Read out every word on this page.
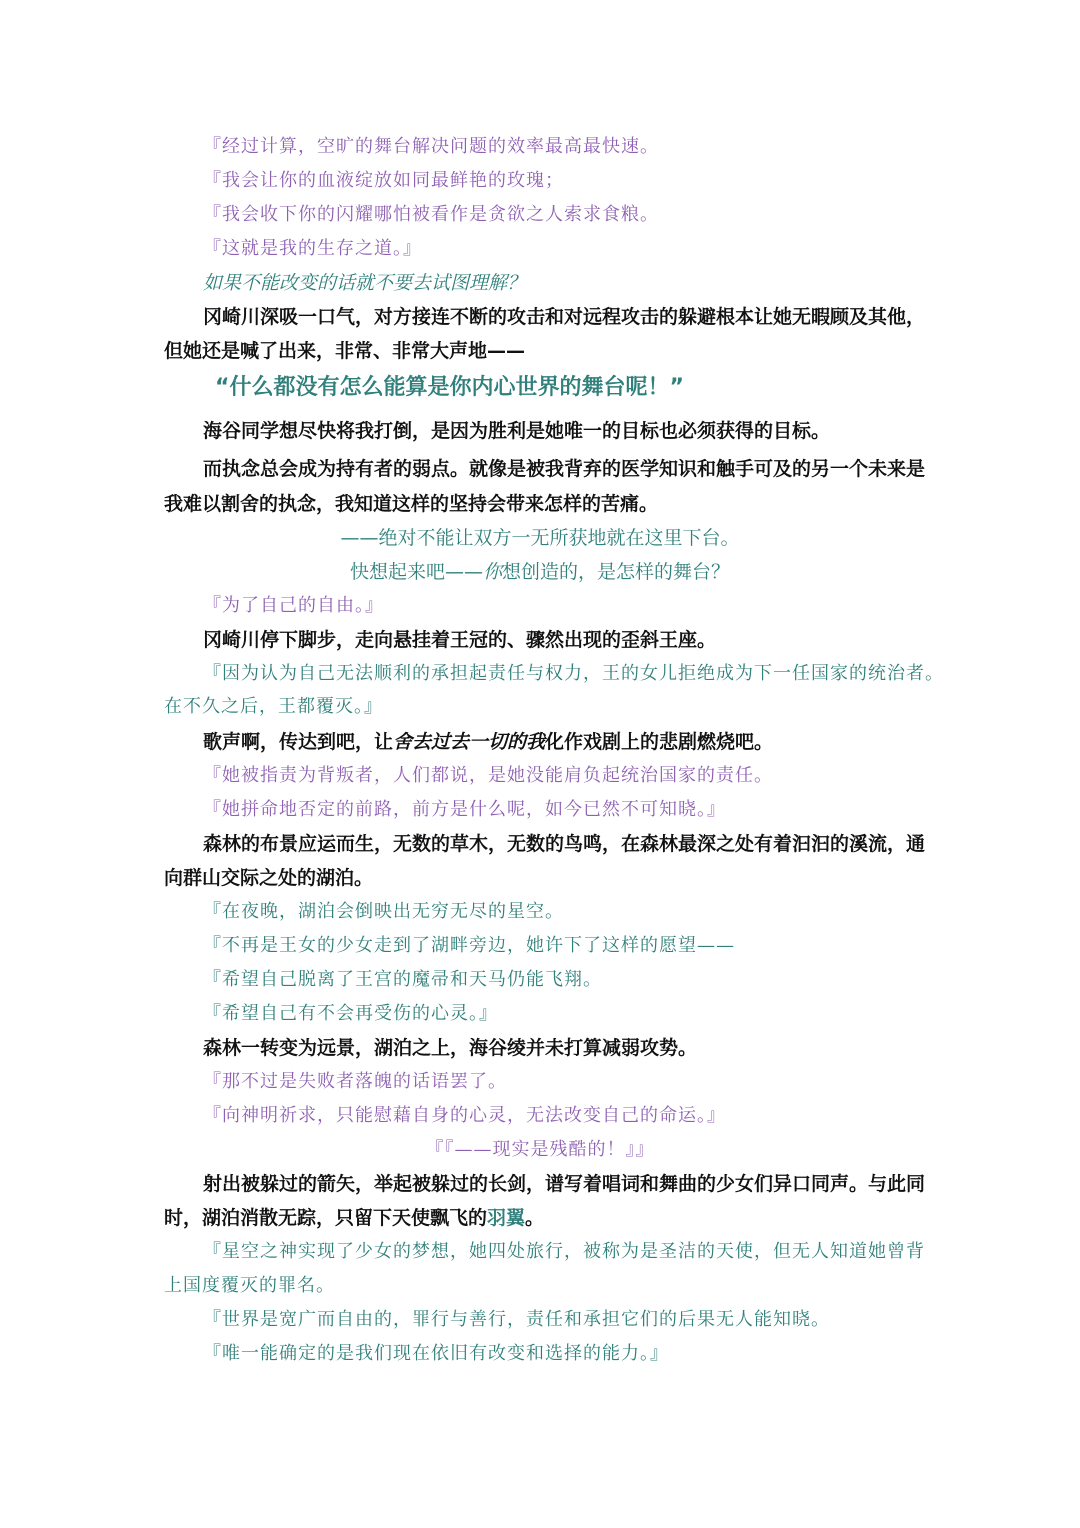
『经过计算，空旷的舞台解决问题的效率最高最快速。
『我会让你的血液绽放如同最鲜艳的玫瑰；
『我会收下你的闪耀哪怕被看作是贪欲之人索求食粮。
『这就是我的生存之道。』
如果不能改变的话就不要去试图理解？
冈崎川深吸一口气，对方接连不断的攻击和对远程攻击的躲避根本让她无暇顾及其他，
但她还是喊了出来，非常、非常大声地——
“什么都没有怎么能算是你内心世界的舞台呢！”
海谷同学想尽快将我打倒，是因为胜利是她唯一的目标也必须获得的目标。
而执念总会成为持有者的弱点。就像是被我背弃的医学知识和触手可及的另一个未来是
我难以割舍的执念，我知道这样的坚持会带来怎样的苦痛。
——绝对不能让双方一无所获地就在这里下台。
快想起来吧——你想创造的，是怎样的舞台？
『为了自己的自由。』
冈崎川停下脚步，走向悬挂着王冠的、骤然出现的歪斜王座。
『因为认为自己无法顺利的承担起责任与权力，王的女儿拒绝成为下一任国家的统治者。
在不久之后，王都覆灭。』
歌声啊，传达到吧，让舍去过去一切的我化作戏剧上的悲剧燃烧吧。
『她被指责为背叛者，人们都说，是她没能肩负起统治国家的责任。
『她拼命地否定的前路，前方是什么呢，如今已然不可知晓。』
森林的布景应运而生，无数的草木，无数的鸟鸣，在森林最深之处有着汩汩的溪流，通
向群山交际之处的湖泊。
『在夜晚，湖泊会倒映出无穷无尽的星空。
『不再是王女的少女走到了湖畔旁边，她许下了这样的愿望——
『希望自己脱离了王宫的魔帚和天马仍能飞翔。
『希望自己有不会再受伤的心灵。』
森林一转变为远景，湖泊之上，海谷绫并未打算减弱攻势。
『那不过是失败者落魄的话语罢了。
『向神明祈求，只能慰藉自身的心灵，无法改变自己的命运。』
『『——现实是残酷的！』』
射出被躲过的箭矢，举起被躲过的长剑，谱写着唱词和舞曲的少女们异口同声。与此同
时，湖泊消散无踪，只留下天使飘飞的羽翼。
『星空之神实现了少女的梦想，她四处旅行，被称为是圣洁的天使，但无人知道她曾背
上国度覆灭的罪名。
『世界是宽广而自由的，罪行与善行，责任和承担它们的后果无人能知晓。
『唯一能确定的是我们现在依旧有改变和选择的能力。』
